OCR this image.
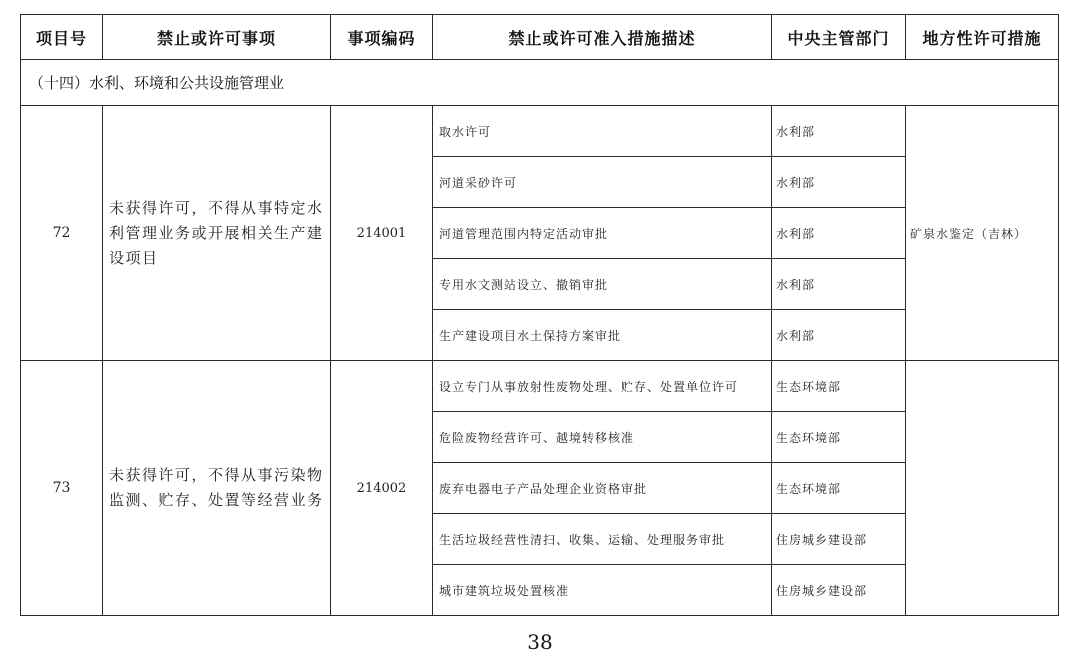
项目号	禁止或许可事项	事项编码	禁止或许可准入措施描述	中央主管部门	地方性许可措施
（十四）水利、环境和公共设施管理业					
72	未获得许可，不得从事特定水利管理业务或开展相关生产建设项目	214001	取水许可	水利部	矿泉水鉴定（吉林）
			河道采砂许可	水利部	
			河道管理范围内特定活动审批	水利部	
			专用水文测站设立、撤销审批	水利部	
			生产建设项目水土保持方案审批	水利部	
73	未获得许可，不得从事污染物监测、贮存、处置等经营业务	214002	设立专门从事放射性废物处理、贮存、处置单位许可	生态环境部	
			危险废物经营许可、越境转移核准	生态环境部	
			废弃电器电子产品处理企业资格审批	生态环境部	
			生活垃圾经营性清扫、收集、运输、处理服务审批	住房城乡建设部	
			城市建筑垃圾处置核准	住房城乡建设部	
38
